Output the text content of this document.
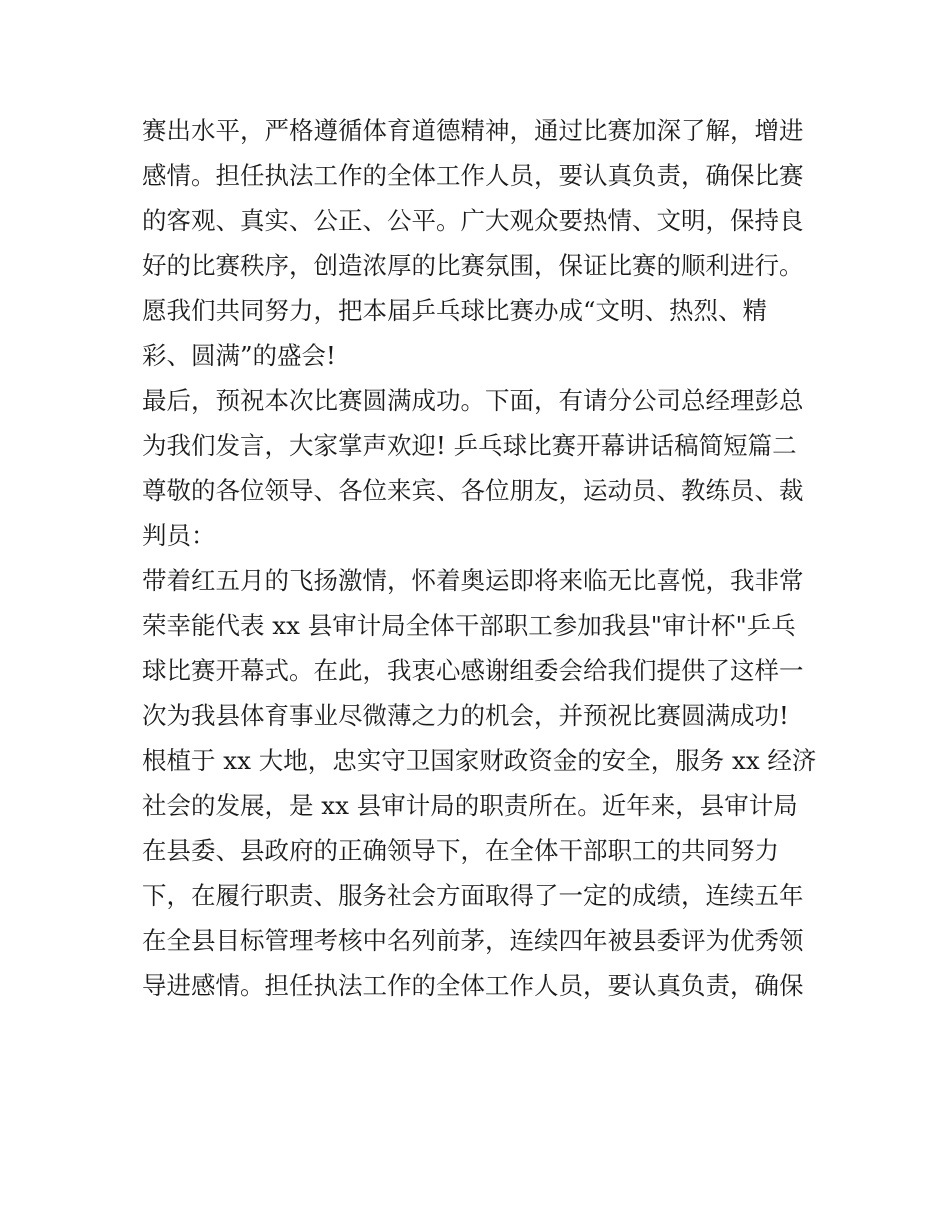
赛出水平，严格遵循体育道德精神，通过比赛加深了解，增进
感情。担任执法工作的全体工作人员，要认真负责，确保比赛
的客观、真实、公正、公平。广大观众要热情、文明，保持良
好的比赛秩序，创造浓厚的比赛氛围，保证比赛的顺利进行。
愿我们共同努力，把本届乒乓球比赛办成“文明、热烈、精
彩、圆满”的盛会!
最后，预祝本次比赛圆满成功。下面，有请分公司总经理彭总
为我们发言，大家掌声欢迎! 乒乓球比赛开幕讲话稿简短篇二
尊敬的各位领导、各位来宾、各位朋友，运动员、教练员、裁
判员：
带着红五月的飞扬激情，怀着奥运即将来临无比喜悦，我非常
荣幸能代表 xx 县审计局全体干部职工参加我县"审计杯"乒乓
球比赛开幕式。在此，我衷心感谢组委会给我们提供了这样一
次为我县体育事业尽微薄之力的机会，并预祝比赛圆满成功!
根植于 xx 大地，忠实守卫国家财政资金的安全，服务 xx 经济
社会的发展，是 xx 县审计局的职责所在。近年来，县审计局
在县委、县政府的正确领导下，在全体干部职工的共同努力
下，在履行职责、服务社会方面取得了一定的成绩，连续五年
在全县目标管理考核中名列前茅，连续四年被县委评为优秀领
导进感情。担任执法工作的全体工作人员，要认真负责，确保
